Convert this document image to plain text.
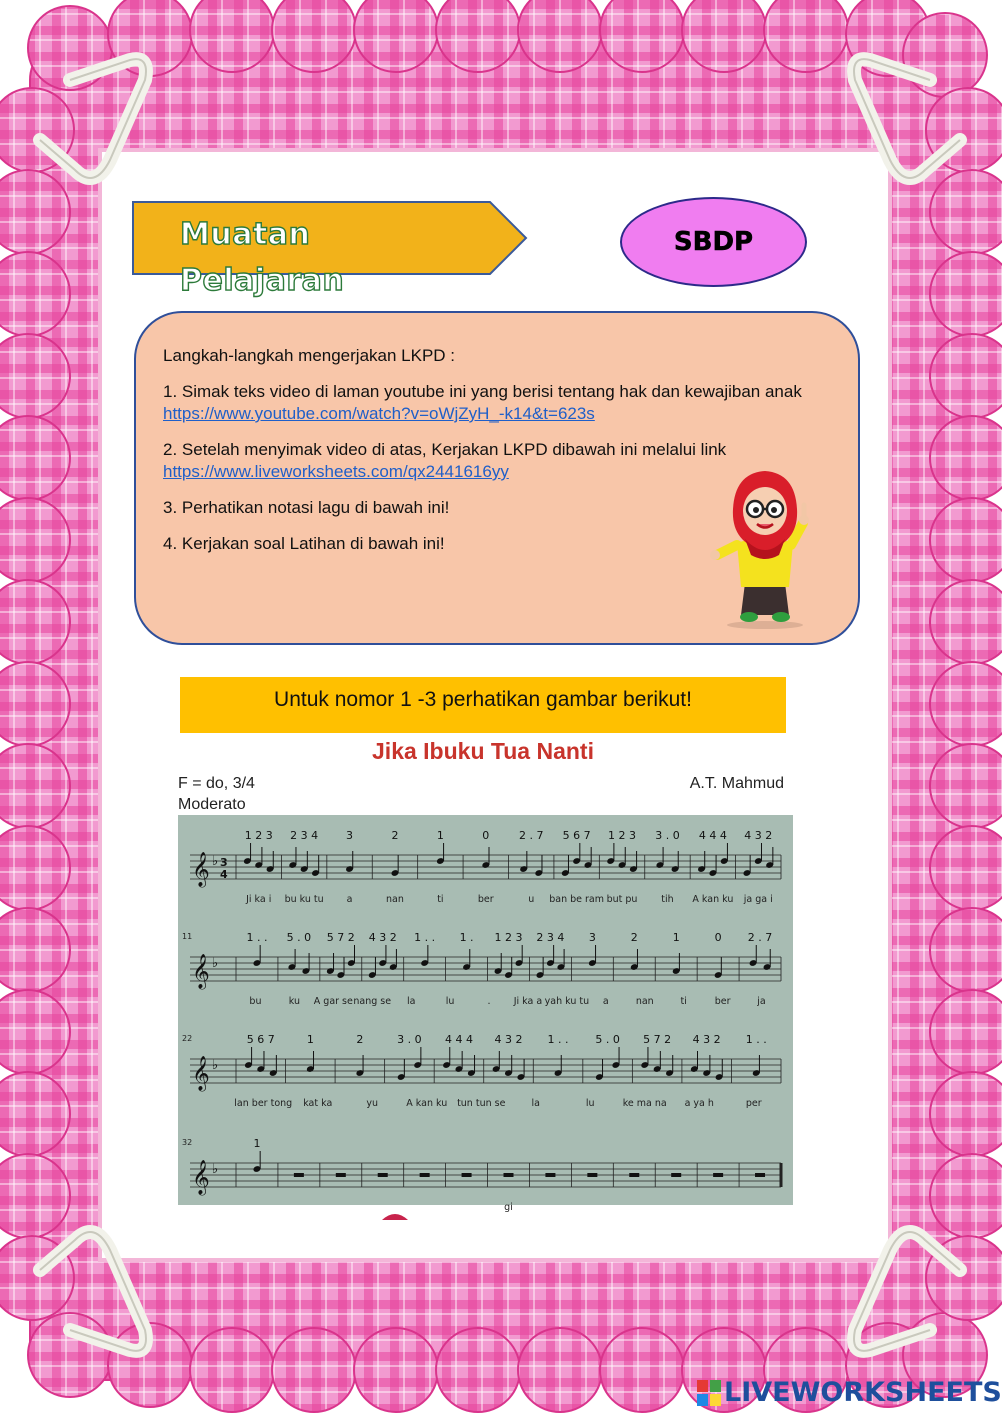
Muatan Pelajaran
SBDP

Langkah-langkah mengerjakan LKPD :

1. Simak teks video di laman youtube ini yang berisi tentang hak dan kewajiban anak https://www.youtube.com/watch?v=oWjZyH_-k14&t=623s

2. Setelah menyimak video di atas, Kerjakan LKPD dibawah ini melalui link
https://www.liveworksheets.com/qx2441616yy

3. Perhatikan notasi lagu di bawah ini!

4. Kerjakan soal Latihan di bawah ini!

Untuk nomor 1 -3 perhatikan gambar berikut!
Jika Ibuku Tua Nanti
F = do, 3/4
Moderato
A.T. Mahmud
𝄞 ♭ 3
4
1 2 3 2 3 4	3	2	1	0	2 . 7 5 6 7 1 2 3 3 . 0 4 4 4 4 3 2
Ji ka i bu ku tu a	nan	ti	ber	u ban be ram but pu	tih A kan ku ja ga i
𝄞 ♭
11	1 . . 5 . 0 5 7 2 4 3 2 1 . . 1 . 1 2 3 2 3 4 3	2	1	0 2 . 7
bu	ku A gar se nang se la	lu	. Ji ka a yah ku tu a	nan	ti	ber	ja
𝄞 ♭
22	5 6 7	1	2	3 . 0 4 4 4 4 3 2 1 . . 5 . 0 5 7 2 4 3 2 1 . .
lan ber tong kat ka	yu	A kan ku tun tun se	la	lu	ke ma na a ya h	per
𝄞 ♭
32	1
gi
LIVEWORKSHEETS
